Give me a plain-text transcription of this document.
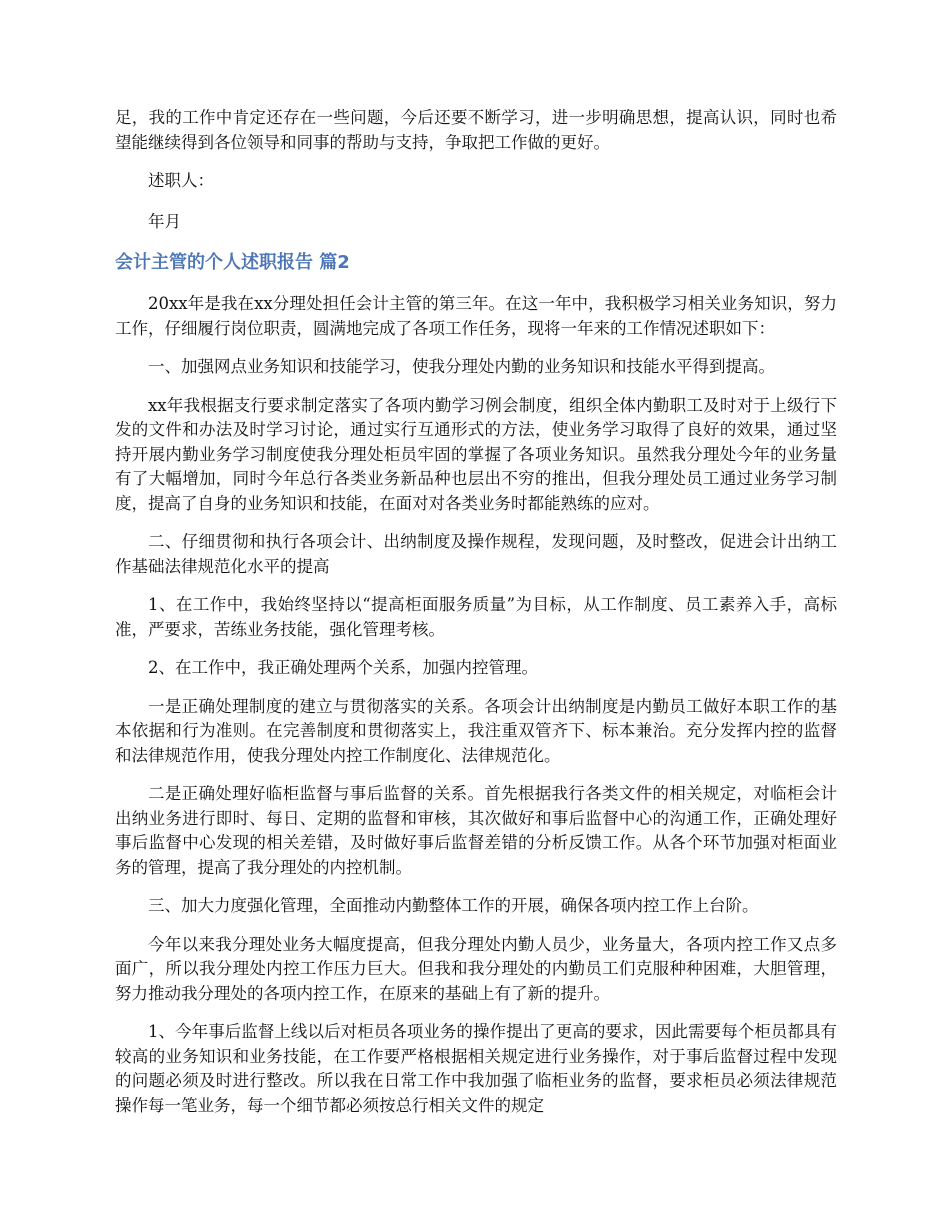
足，我的工作中肯定还存在一些问题，今后还要不断学习，进一步明确思想，提高认识，同时也希望能继续得到各位领导和同事的帮助与支持，争取把工作做的更好。

述职人：

年月

会计主管的个人述职报告 篇2

20xx年是我在xx分理处担任会计主管的第三年。在这一年中，我积极学习相关业务知识，努力工作，仔细履行岗位职责，圆满地完成了各项工作任务，现将一年来的工作情况述职如下：

一、加强网点业务知识和技能学习，使我分理处内勤的业务知识和技能水平得到提高。

xx年我根据支行要求制定落实了各项内勤学习例会制度，组织全体内勤职工及时对于上级行下发的文件和办法及时学习讨论，通过实行互通形式的方法，使业务学习取得了良好的效果，通过坚持开展内勤业务学习制度使我分理处柜员牢固的掌握了各项业务知识。虽然我分理处今年的业务量有了大幅增加，同时今年总行各类业务新品种也层出不穷的推出，但我分理处员工通过业务学习制度，提高了自身的业务知识和技能，在面对对各类业务时都能熟练的应对。

二、仔细贯彻和执行各项会计、出纳制度及操作规程，发现问题，及时整改，促进会计出纳工作基础法律规范化水平的提高

1、在工作中，我始终坚持以“提高柜面服务质量”为目标，从工作制度、员工素养入手，高标准，严要求，苦练业务技能，强化管理考核。

2、在工作中，我正确处理两个关系，加强内控管理。

一是正确处理制度的建立与贯彻落实的关系。各项会计出纳制度是内勤员工做好本职工作的基本依据和行为准则。在完善制度和贯彻落实上，我注重双管齐下、标本兼治。充分发挥内控的监督和法律规范作用，使我分理处内控工作制度化、法律规范化。

二是正确处理好临柜监督与事后监督的关系。首先根据我行各类文件的相关规定，对临柜会计出纳业务进行即时、每日、定期的监督和审核，其次做好和事后监督中心的沟通工作，正确处理好事后监督中心发现的相关差错，及时做好事后监督差错的分析反馈工作。从各个环节加强对柜面业务的管理，提高了我分理处的内控机制。

三、加大力度强化管理，全面推动内勤整体工作的开展，确保各项内控工作上台阶。

今年以来我分理处业务大幅度提高，但我分理处内勤人员少，业务量大，各项内控工作又点多面广，所以我分理处内控工作压力巨大。但我和我分理处的内勤员工们克服种种困难，大胆管理，努力推动我分理处的各项内控工作，在原来的基础上有了新的提升。

1、今年事后监督上线以后对柜员各项业务的操作提出了更高的要求，因此需要每个柜员都具有较高的业务知识和业务技能，在工作要严格根据相关规定进行业务操作，对于事后监督过程中发现的问题必须及时进行整改。所以我在日常工作中我加强了临柜业务的监督，要求柜员必须法律规范操作每一笔业务，每一个细节都必须按总行相关文件的规定
